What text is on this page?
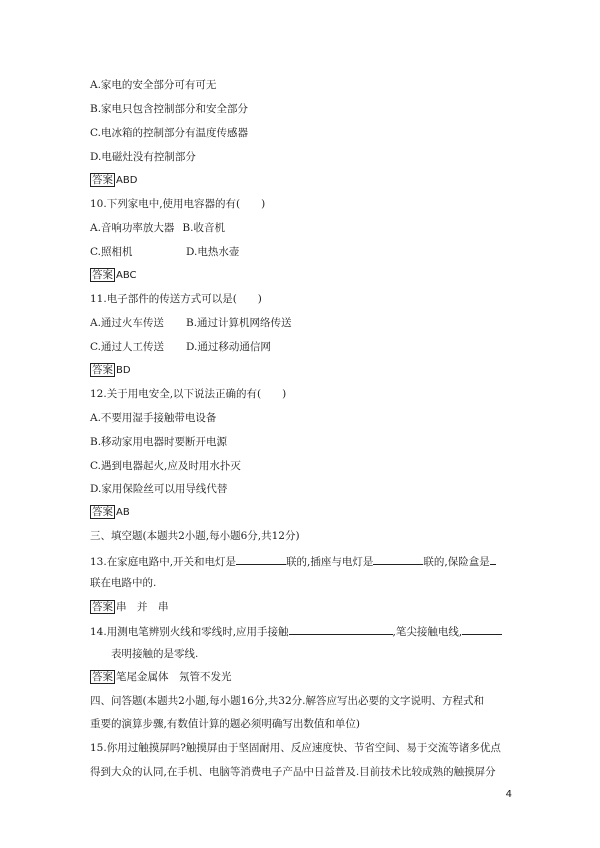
A.家电的安全部分可有可无
B.家电只包含控制部分和安全部分
C.电冰箱的控制部分有温度传感器
D.电磁灶没有控制部分
答案 ABD
10.下列家电中,使用电容器的有(　　)
A.音响功率放大器 B.收音机
C.照相机	D.电热水壶
答案 ABC
11.电子部件的传送方式可以是(　　)
A.通过火车传送 B.通过计算机网络传送
C.通过人工传送 D.通过移动通信网
答案 BD
12.关于用电安全,以下说法正确的有(　　)
A.不要用湿手接触带电设备
B.移动家用电器时要断开电源
C.遇到电器起火,应及时用水扑灭
D.家用保险丝可以用导线代替
答案 AB
三、填空题(本题共2小题,每小题6分,共12分)
13.在家庭电路中,开关和电灯是	联的,插座与电灯是	联的,保险盒是
联在电路中的.
答案 串　并　串
14.用测电笔辨别火线和零线时,应用手接触	,笔尖接触电线,
表明接触的是零线.
答案 笔尾金属体　氖管不发光
四、问答题(本题共2小题,每小题16分,共32分.解答应写出必要的文字说明、方程式和
重要的演算步骤,有数值计算的题必须明确写出数值和单位)
15.你用过触摸屏吗?触摸屏由于坚固耐用、反应速度快、节省空间、易于交流等诸多优点
得到大众的认同,在手机、电脑等消费电子产品中日益普及.目前技术比较成熟的触摸屏分
4
